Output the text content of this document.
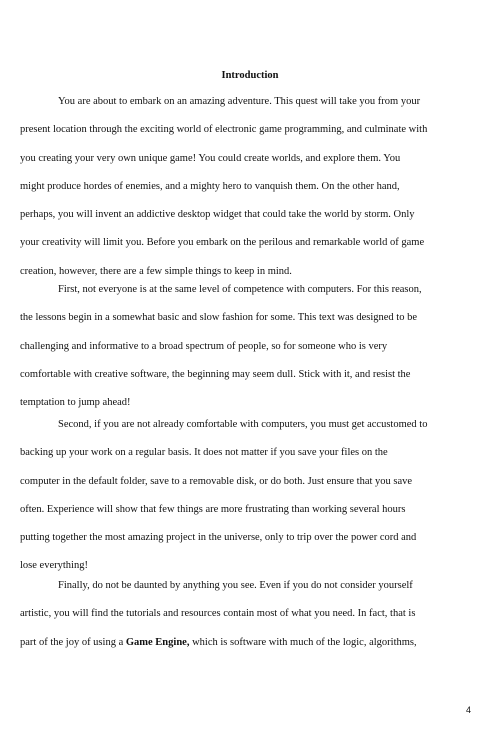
Introduction

You are about to embark on an amazing adventure. This quest will take you from your
present location through the exciting world of electronic game programming, and culminate with
you creating your very own unique game! You could create worlds, and explore them. You
might produce hordes of enemies, and a mighty hero to vanquish them. On the other hand,
perhaps, you will invent an addictive desktop widget that could take the world by storm. Only
your creativity will limit you. Before you embark on the perilous and remarkable world of game
creation, however, there are a few simple things to keep in mind.

First, not everyone is at the same level of competence with computers. For this reason,
the lessons begin in a somewhat basic and slow fashion for some. This text was designed to be
challenging and informative to a broad spectrum of people, so for someone who is very
comfortable with creative software, the beginning may seem dull. Stick with it, and resist the
temptation to jump ahead!

Second, if you are not already comfortable with computers, you must get accustomed to
backing up your work on a regular basis. It does not matter if you save your files on the
computer in the default folder, save to a removable disk, or do both. Just ensure that you save
often. Experience will show that few things are more frustrating than working several hours
putting together the most amazing project in the universe, only to trip over the power cord and
lose everything!

Finally, do not be daunted by anything you see. Even if you do not consider yourself
artistic, you will find the tutorials and resources contain most of what you need. In fact, that is
part of the joy of using a Game Engine, which is software with much of the logic, algorithms,

4
